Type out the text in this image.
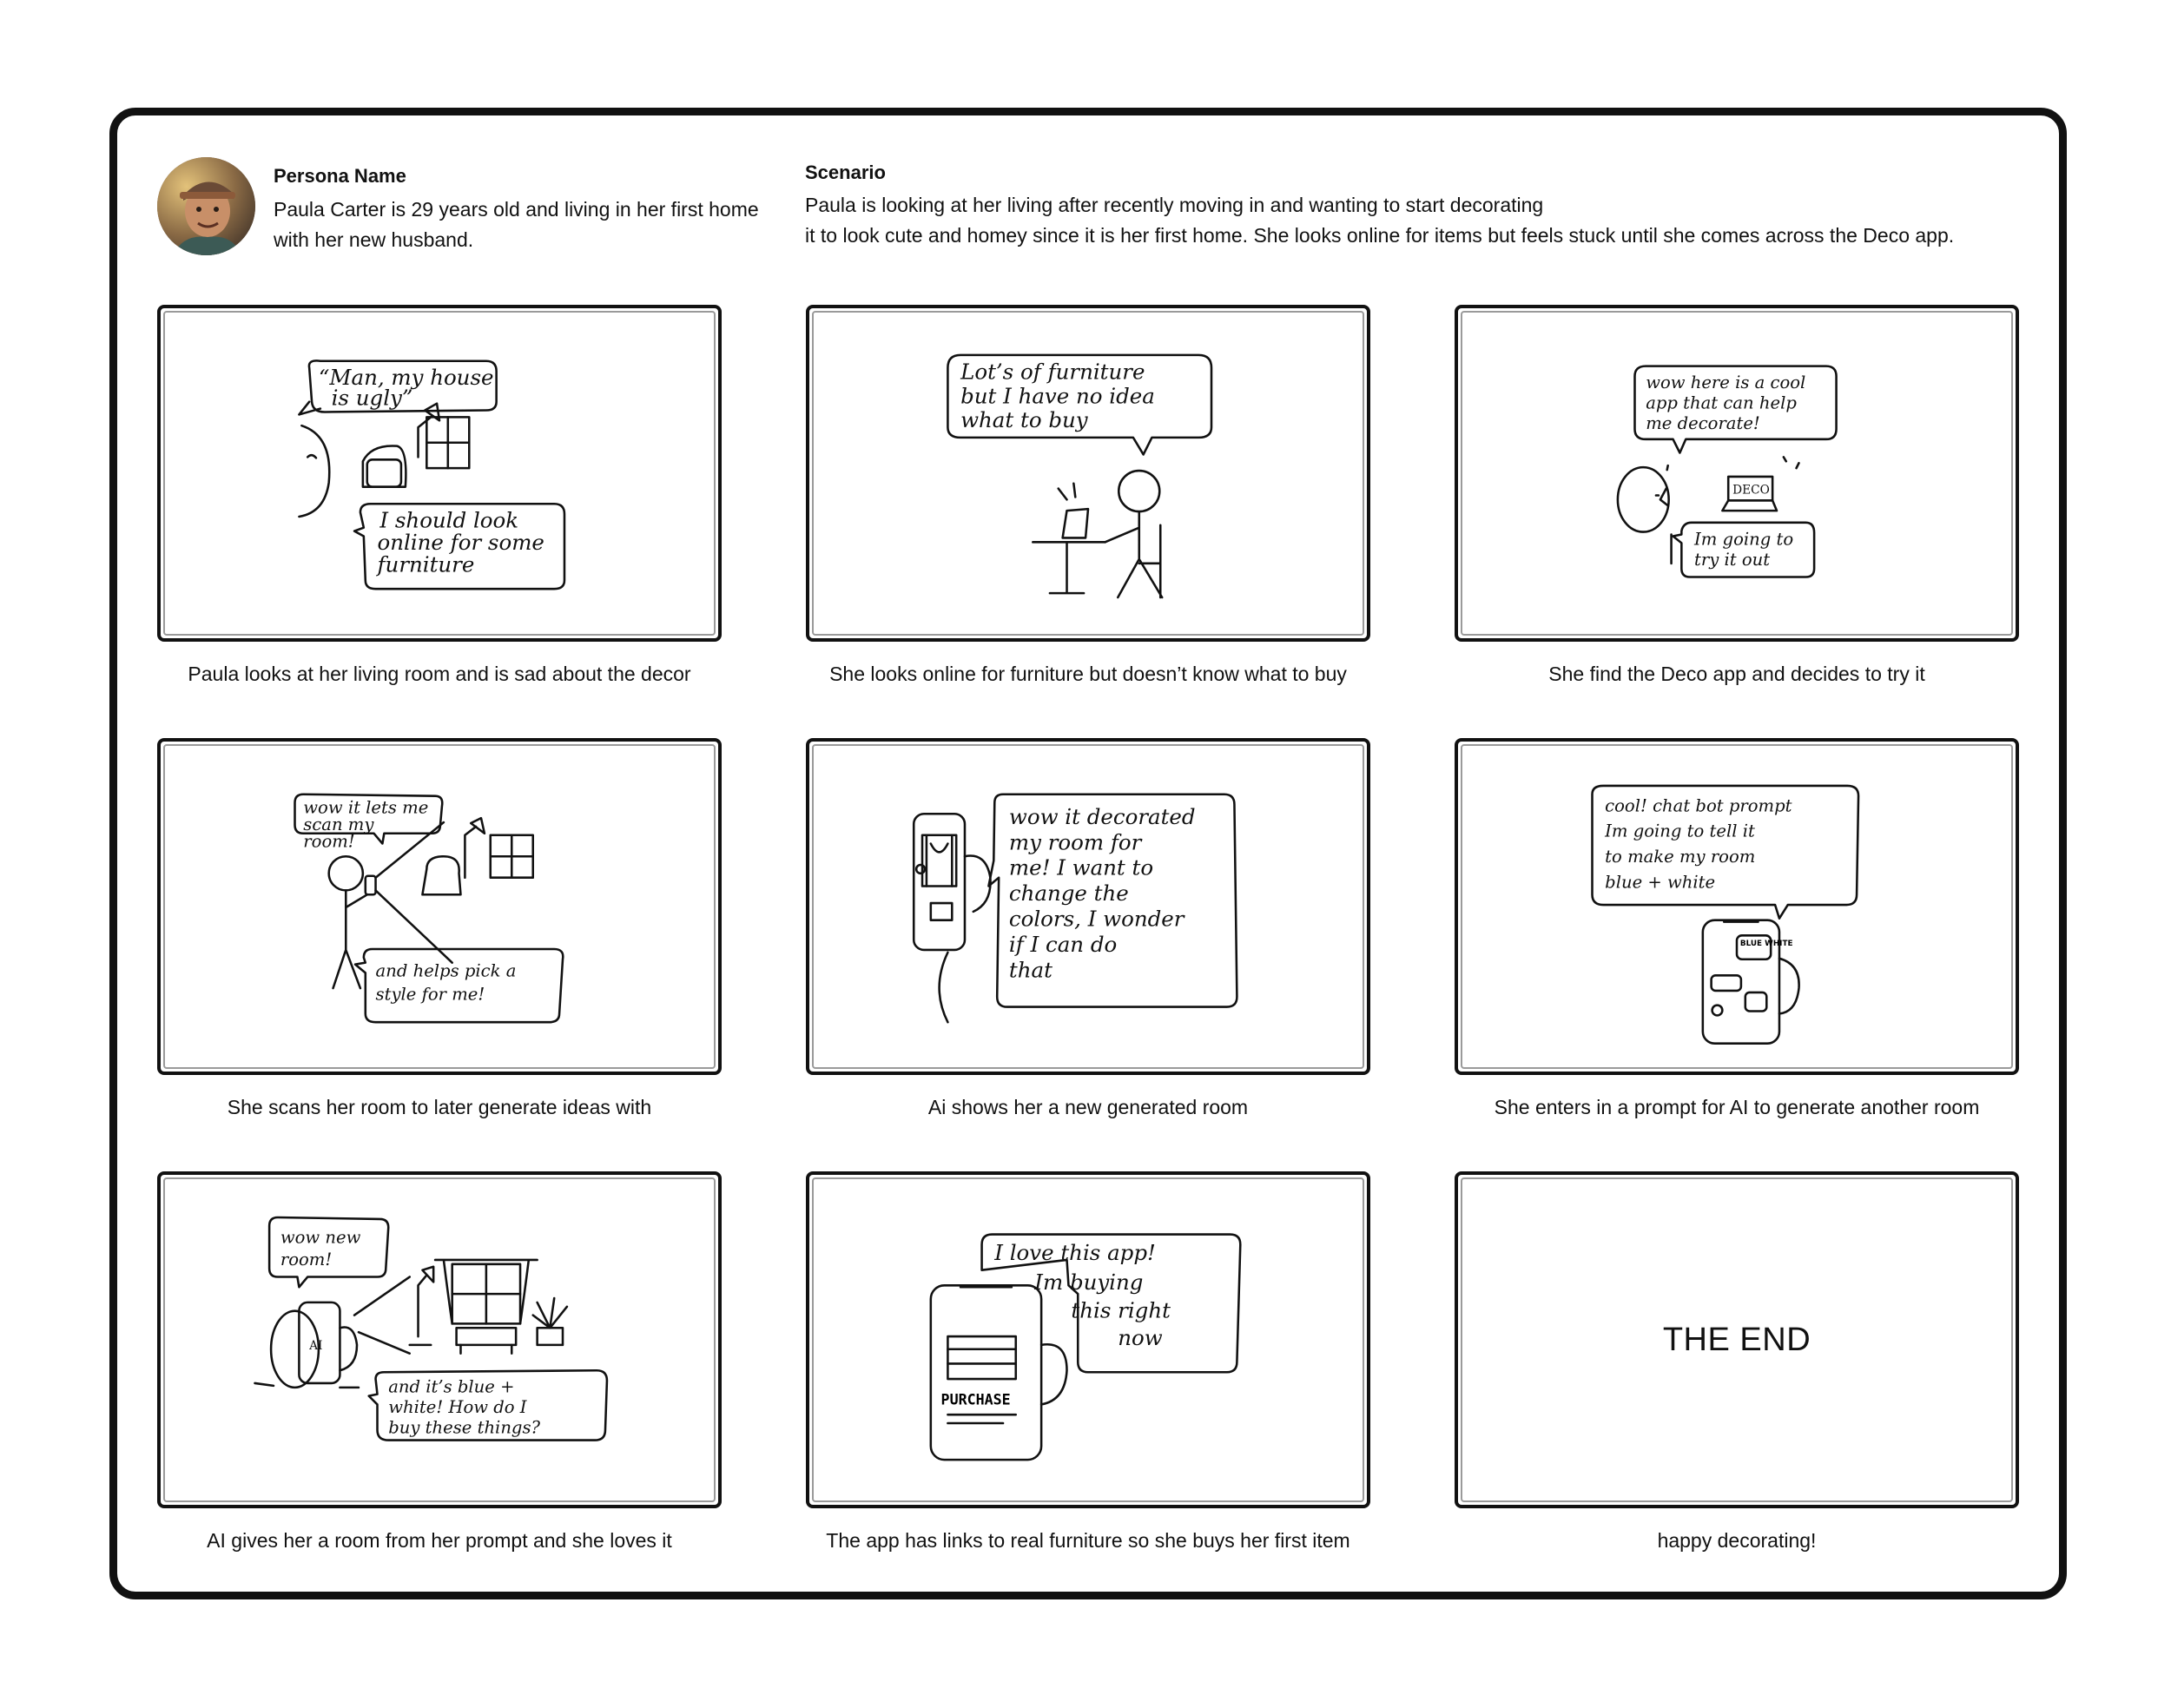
Persona Name
Paula Carter is 29 years old and living in her first home with her new husband.
Scenario
Paula is looking at her living after recently moving in and wanting to start decorating
it to look cute and homey since it is her first home. She looks online for items but feels stuck until she comes across the Deco app.
“Man, my house
is ugly”
I should look
online for some
furniture
Paula looks at her living room and is sad about the decor
Lot’s of furniture
but I have no idea
what to buy
She looks online for furniture but doesn’t know what to buy
wow here is a cool
app that can help
me decorate!
DECO
Im going to
try it out
She find the Deco app and decides to try it
wow it lets me
scan my
room!
and helps pick a
style for me!
She scans her room to later generate ideas with
wow it decorated
my room for
me! I want to
change the
colors, I wonder
if I can do
that
Ai shows her a new generated room
cool! chat bot prompt
Im going to tell it
to make my room
blue + white
BLUE WHITE
She enters in a prompt for AI to generate another room
wow new
room!
AI
and it’s blue +
white! How do I
buy these things?
AI gives her a room from her prompt and she loves it
I love this app!
Im buying
this right
now
PURCHASE
The app has links to real furniture so she buys her first item
THE END
happy decorating!
